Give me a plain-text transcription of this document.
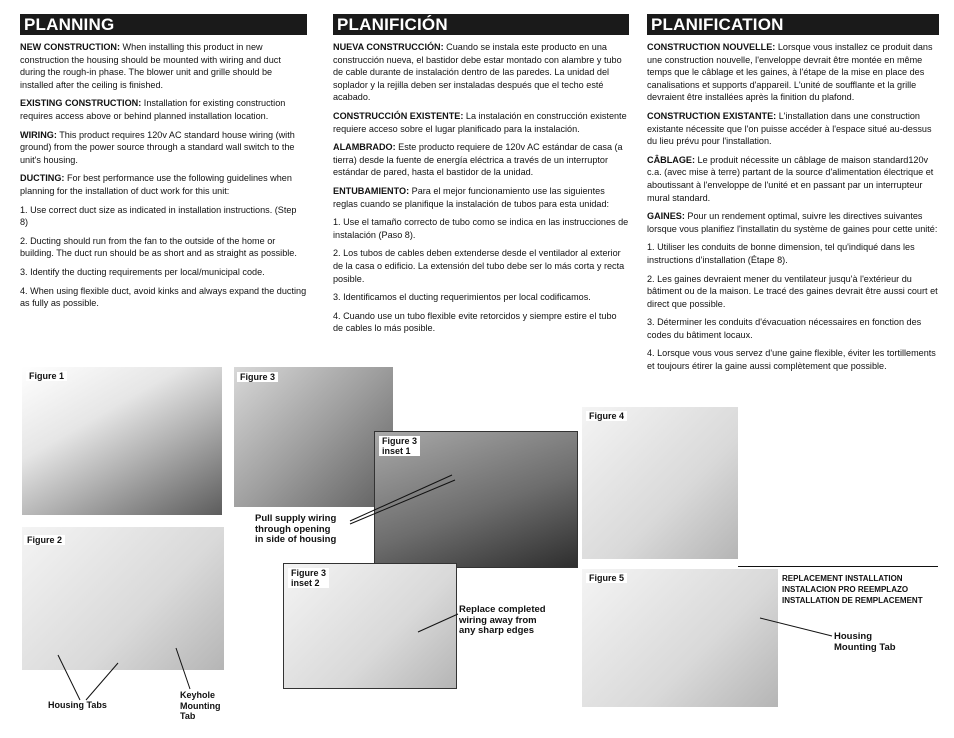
PLANNING

NEW CONSTRUCTION: When installing this product in new construction the housing should be mounted with wiring and duct during the rough-in phase. The blower unit and grille should be installed after the ceiling is finished.

EXISTING CONSTRUCTION: Installation for existing construction requires access above or behind planned installation location.

WIRING: This product requires 120v AC standard house wiring (with ground) from the power source through a standard wall switch to the unit's housing.

DUCTING: For best performance use the following guidelines when planning for the installation of duct work for this unit:

1. Use correct duct size as indicated in installation instructions. (Step 8)

2. Ducting should run from the fan to the outside of the home or building. The duct run should be as short and as straight as possible.

3. Identify the ducting requirements per local/municipal code.

4. When using flexible duct, avoid kinks and always expand the ducting as fully as possible.

PLANIFICIÓN

NUEVA CONSTRUCCIÓN: Cuando se instala este producto en una construcción nueva, el bastidor debe estar montado con alambre y tubo de cable durante de instalación dentro de las paredes. La unidad del soplador y la rejilla deben ser instaladas después que el techo esté acabado.

CONSTRUCCIÓN EXISTENTE: La instalación en construcción existente requiere acceso sobre el lugar planificado para la instalación.

ALAMBRADO: Este producto requiere de 120v AC estándar de casa (a tierra) desde la fuente de energía eléctrica a través de un interruptor estándar de pared, hasta el bastidor de la unidad.

ENTUBAMIENTO: Para el mejor funcionamiento use las siguientes reglas cuando se planifique la instalación de tubos para esta unidad:

1. Use el tamaño correcto de tubo como se indica en las instrucciones de instalación (Paso 8).

2. Los tubos de cables deben extenderse desde el ventilador al exterior de la casa o edificio. La extensión del tubo debe ser lo más corta y recta posible.

3. Identificamos el ducting requerimientos per local codificamos.

4. Cuando use un tubo flexible evite retorcidos y siempre estire el tubo de cables lo más posible.

PLANIFICATION

CONSTRUCTION NOUVELLE: Lorsque vous installez ce produit dans une construction nouvelle, l'enveloppe devrait être montée en même temps que le câblage et les gaines, à l'étape de la mise en place des canalisations et supports d'appareil. L'unité de soufflante et la grille devraient être installées après la finition du plafond.

CONSTRUCTION EXISTANTE: L'installation dans une construction existante nécessite que l'on puisse accéder à l'espace situé au-dessus du lieu prévu pour l'installation.

CÂBLAGE: Le produit nécessite un câblage de maison standard120v c.a. (avec mise à terre) partant de la source d'alimentation électrique et aboutissant à l'enveloppe de l'unité et en passant par un interrupteur mural standard.

GAINES: Pour un rendement optimal, suivre les directives suivantes lorsque vous planifiez l'installatin du système de gaines pour cette unité:

1. Utiliser les conduits de bonne dimension, tel qu'indiqué dans les instructions d'installation (Étape 8).

2. Les gaines devraient mener du ventilateur jusqu'à l'extérieur du bâtiment ou de la maison. Le tracé des gaines devrait être aussi court et direct que possible.

3. Déterminer les conduits d'évacuation nécessaires en fonction des codes du bâtiment locaux.

4. Lorsque vous vous servez d'une gaine flexible, éviter les tortillements et toujours étirer la gaine aussi complètement que possible.

Figure 1
Figure 2
Figure 3
Figure 3
inset 1
Figure 3
inset 2
Figure 4
Figure 5
Pull supply wiring
through opening
in side of housing
Replace completed
wiring away from
any sharp edges
Housing Tabs
Keyhole
Mounting
Tab
Housing
Mounting Tab
REPLACEMENT INSTALLATION
INSTALACION PRO REEMPLAZO
INSTALLATION DE REMPLACEMENT
